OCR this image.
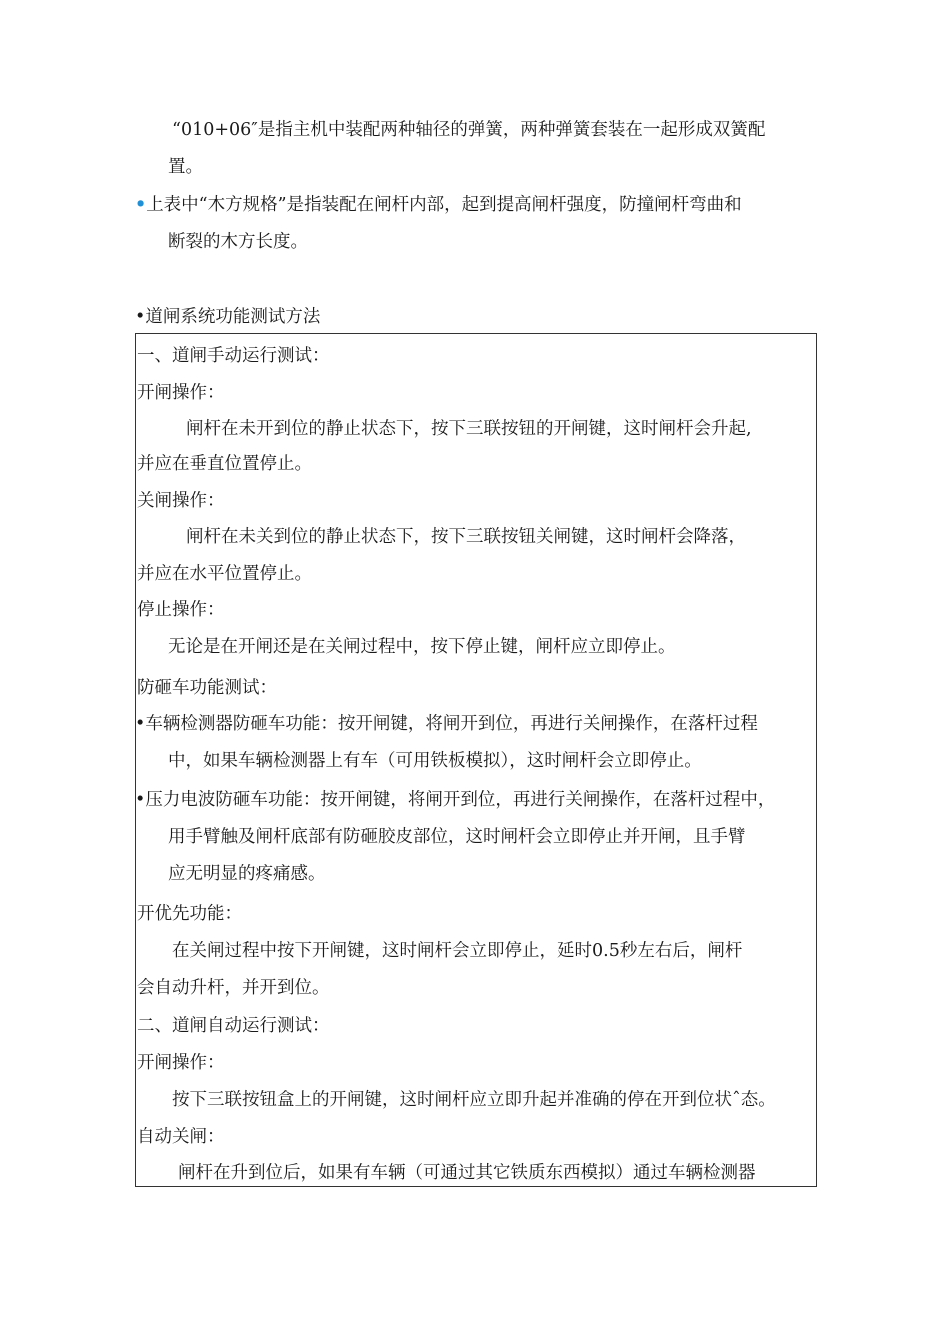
“010+06″是指主机中装配两种轴径的弹簧，两种弹簧套装在一起形成双簧配
置。
•上表中“木方规格”是指装配在闸杆内部，起到提高闸杆强度，防撞闸杆弯曲和
断裂的木方长度。
•道闸系统功能测试方法
一、道闸手动运行测试：
开闸操作：
闸杆在未开到位的静止状态下，按下三联按钮的开闸键，这时闸杆会升起,
并应在垂直位置停止。
关闸操作：
闸杆在未关到位的静止状态下，按下三联按钮关闸键，这时闸杆会降落，
并应在水平位置停止。
停止操作：
无论是在开闸还是在关闸过程中，按下停止键，闸杆应立即停止。
防砸车功能测试：
•车辆检测器防砸车功能：按开闸键，将闸开到位，再进行关闸操作，在落杆过程
中，如果车辆检测器上有车（可用铁板模拟），这时闸杆会立即停止。
•压力电波防砸车功能：按开闸键，将闸开到位，再进行关闸操作，在落杆过程中，
用手臂触及闸杆底部有防砸胶皮部位，这时闸杆会立即停止并开闸，且手臂
应无明显的疼痛感。
开优先功能：
在关闸过程中按下开闸键，这时闸杆会立即停止，延时0.5秒左右后，闸杆
会自动升杆，并开到位。
二、道闸自动运行测试：
开闸操作：
按下三联按钮盒上的开闸键，这时闸杆应立即升起并准确的停在开到位状ˆ态。
自动关闸：
闸杆在升到位后，如果有车辆（可通过其它铁质东西模拟）通过车辆检测器
